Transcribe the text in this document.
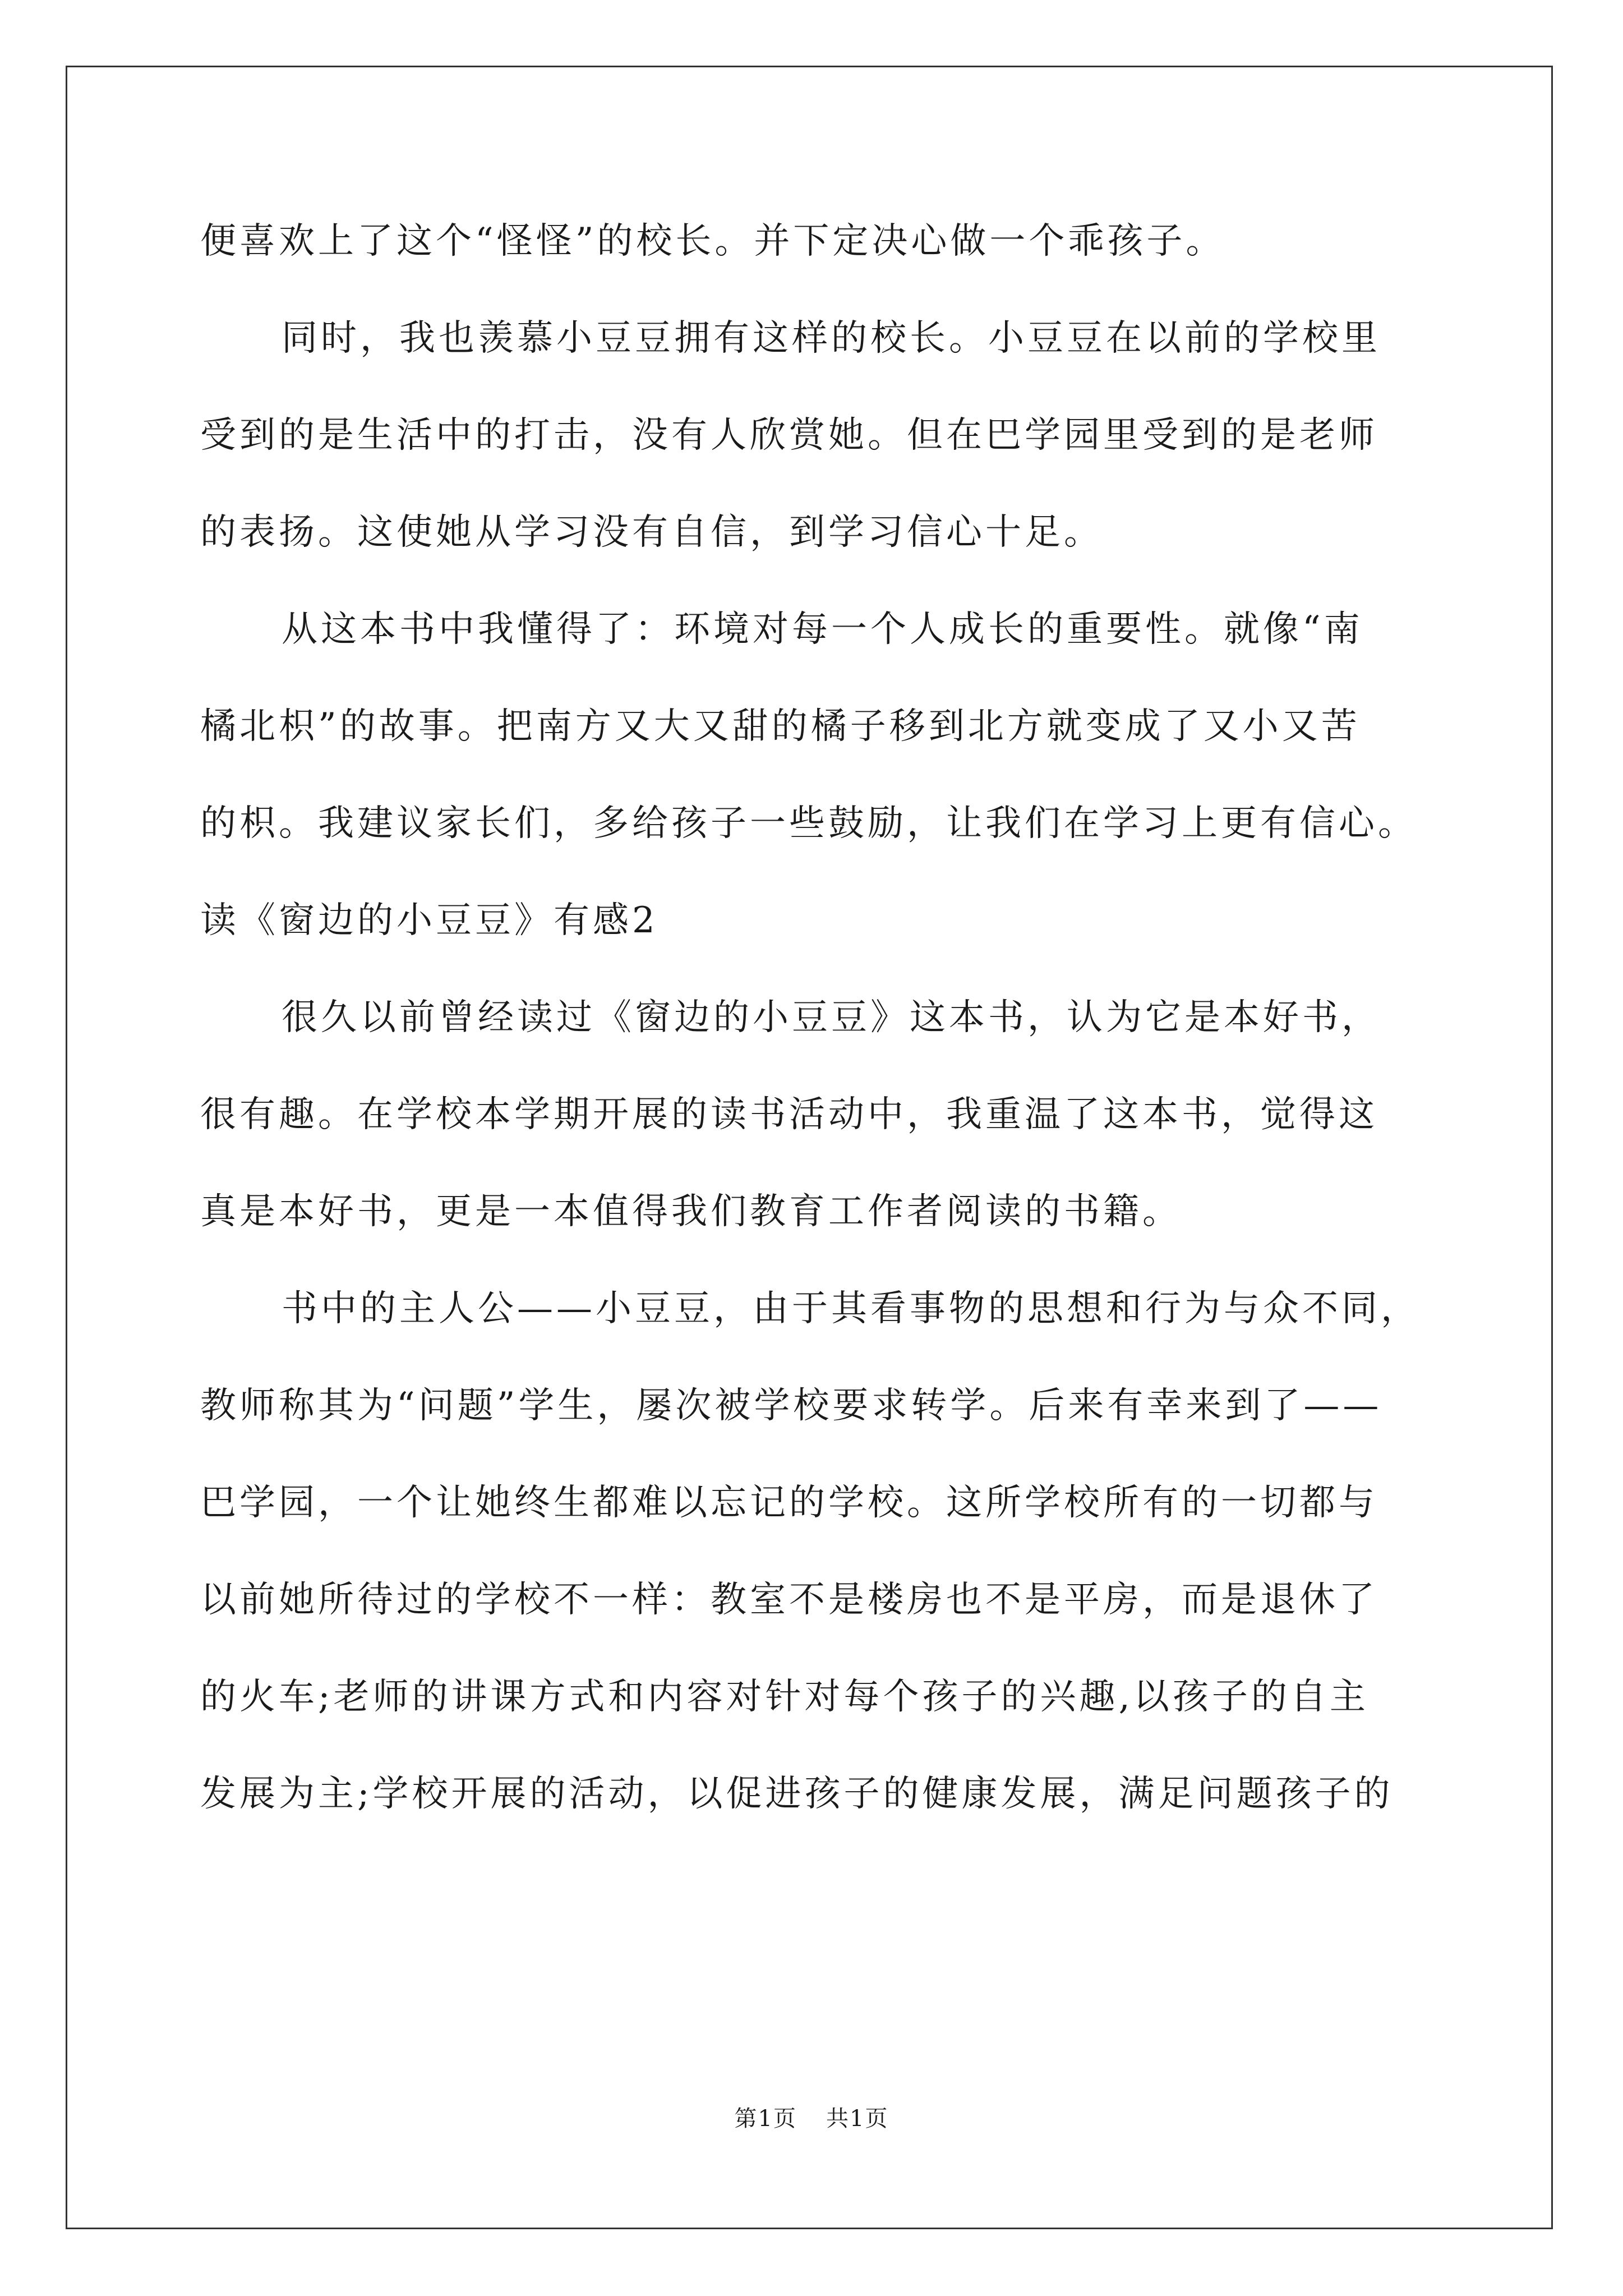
便喜欢上了这个“怪怪”的校长。并下定决心做一个乖孩子。
同时，我也羡慕小豆豆拥有这样的校长。小豆豆在以前的学校里
受到的是生活中的打击，没有人欣赏她。但在巴学园里受到的是老师
的表扬。这使她从学习没有自信，到学习信心十足。
从这本书中我懂得了：环境对每一个人成长的重要性。就像“南
橘北枳”的故事。把南方又大又甜的橘子移到北方就变成了又小又苦
的枳。我建议家长们，多给孩子一些鼓励，让我们在学习上更有信心。
读《窗边的小豆豆》有感2
很久以前曾经读过《窗边的小豆豆》这本书，认为它是本好书，
很有趣。在学校本学期开展的读书活动中，我重温了这本书，觉得这
真是本好书，更是一本值得我们教育工作者阅读的书籍。
书中的主人公——小豆豆，由于其看事物的思想和行为与众不同，
教师称其为“问题”学生，屡次被学校要求转学。后来有幸来到了——
巴学园，一个让她终生都难以忘记的学校。这所学校所有的一切都与
以前她所待过的学校不一样：教室不是楼房也不是平房，而是退休了
的火车;老师的讲课方式和内容对针对每个孩子的兴趣,以孩子的自主
发展为主;学校开展的活动，以促进孩子的健康发展，满足问题孩子的
第1页 共1页
